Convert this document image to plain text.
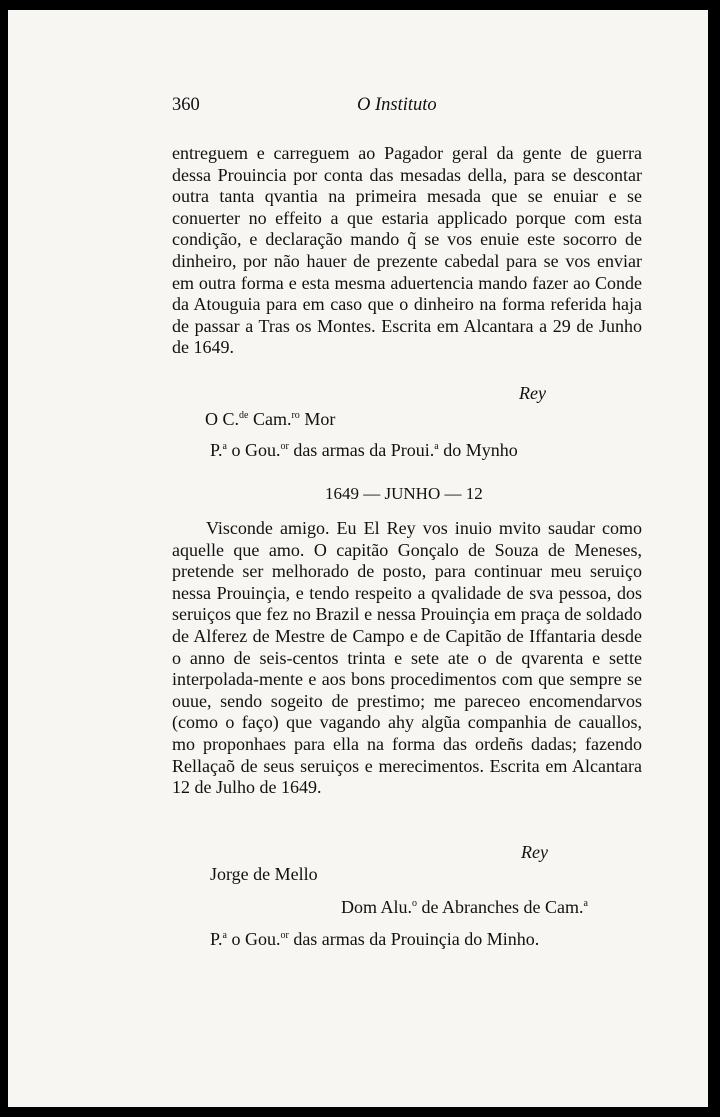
360	O Instituto

entreguem e carreguem ao Pagador geral da gente de guerra dessa Prouincia por conta das mesadas della, para se descontar outra tanta qvantia na primeira mesada que se enuiar e se conuerter no effeito a que estaria applicado porque com esta condição, e declaração mando q̃ se vos enuie este socorro de dinheiro, por não hauer de prezente cabedal para se vos enviar em outra forma e esta mesma aduertencia mando fazer ao Conde da Atouguia para em caso que o dinheiro na forma referida haja de passar a Tras os Montes. Escrita em Alcantara a 29 de Junho de 1649.

Rey
O C.$^{de}$ Cam.$^{ro}$ Mor
P.$^a$ o Gou.$^{or}$ das armas da Proui.$^a$ do Mynho
1649 — JUNHO — 12

Visconde amigo. Eu El Rey vos inuio mvito saudar como aquelle que amo. O capitão Gonçalo de Souza de Meneses, pretende ser melhorado de posto, para continuar meu seruiço nessa Prouinçia, e tendo respeito a qvalidade de sva pessoa, dos seruiços que fez no Brazil e nessa Prouinçia em praça de soldado de Alferez de Mestre de Campo e de Capitão de Iffantaria desde o anno de seis-centos trinta e sete ate o de qvarenta e sette interpolada-mente e aos bons procedimentos com que sempre se ouue, sendo sogeito de prestimo; me pareceo encomendarvos (como o faço) que vagando ahy algũa companhia de cauallos, mo proponhaes para ella na forma das ordeñs dadas; fazendo Rellaçaõ de seus seruiços e merecimentos. Escrita em Alcantara 12 de Julho de 1649.

Rey
Jorge de Mello
Dom Alu.$^o$ de Abranches de Cam.$^a$
P.$^a$ o Gou.$^{or}$ das armas da Prouinçia do Minho.
